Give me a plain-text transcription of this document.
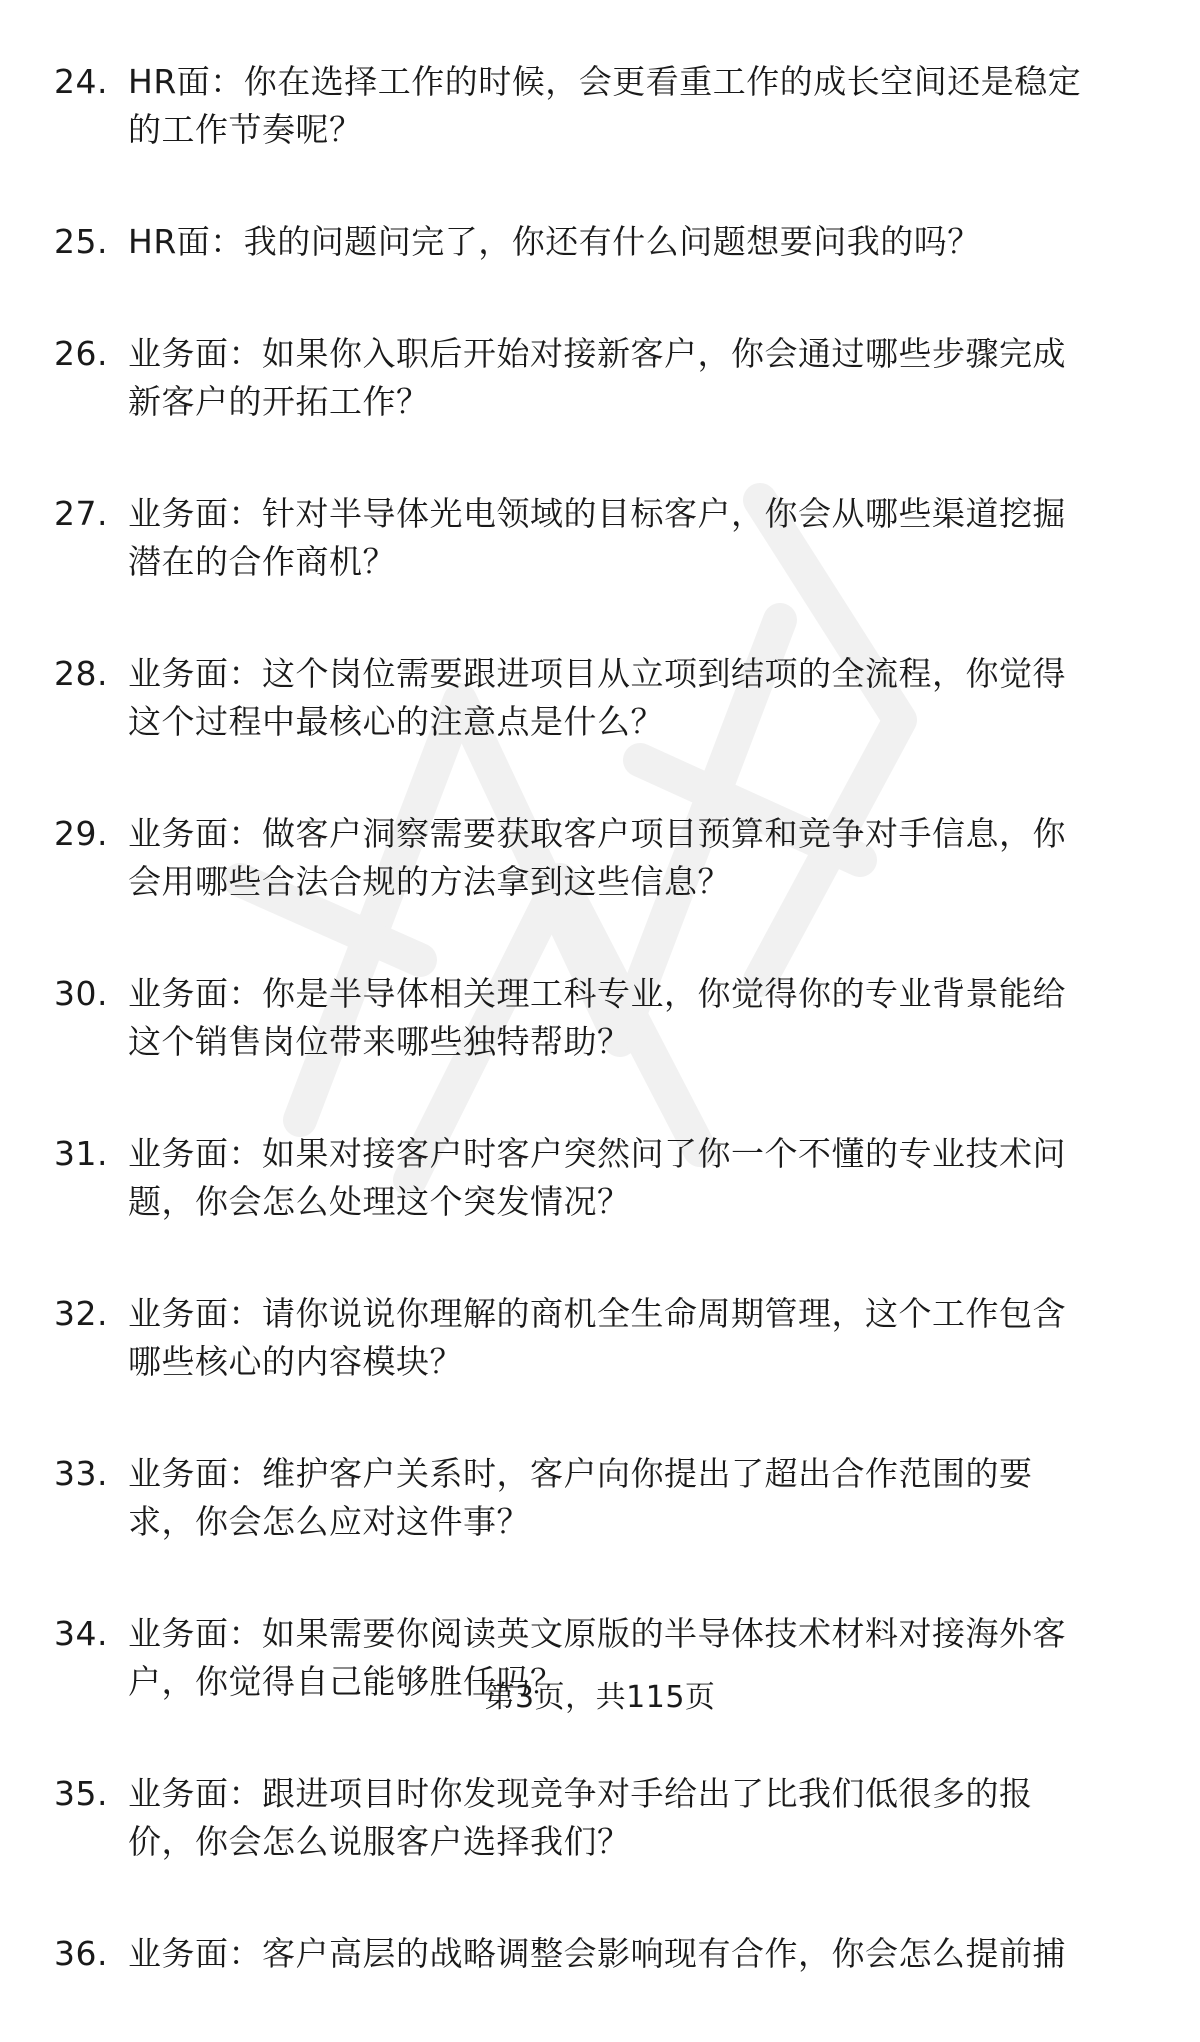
24. HR面：你在选择工作的时候，会更看重工作的成长空间还是稳定
的工作节奏呢？
25. HR面：我的问题问完了，你还有什么问题想要问我的吗？
26. 业务面：如果你入职后开始对接新客户，你会通过哪些步骤完成
新客户的开拓工作？
27. 业务面：针对半导体光电领域的目标客户，你会从哪些渠道挖掘
潜在的合作商机？
28. 业务面：这个岗位需要跟进项目从立项到结项的全流程，你觉得
这个过程中最核心的注意点是什么？
29. 业务面：做客户洞察需要获取客户项目预算和竞争对手信息，你
会用哪些合法合规的方法拿到这些信息？
30. 业务面：你是半导体相关理工科专业，你觉得你的专业背景能给
这个销售岗位带来哪些独特帮助？
31. 业务面：如果对接客户时客户突然问了你一个不懂的专业技术问
题，你会怎么处理这个突发情况？
32. 业务面：请你说说你理解的商机全生命周期管理，这个工作包含
哪些核心的内容模块？
33. 业务面：维护客户关系时，客户向你提出了超出合作范围的要
求，你会怎么应对这件事？
34. 业务面：如果需要你阅读英文原版的半导体技术材料对接海外客
户，你觉得自己能够胜任吗？
35. 业务面：跟进项目时你发现竞争对手给出了比我们低很多的报
价，你会怎么说服客户选择我们？
36. 业务面：客户高层的战略调整会影响现有合作，你会怎么提前捕
第3页，共115页
